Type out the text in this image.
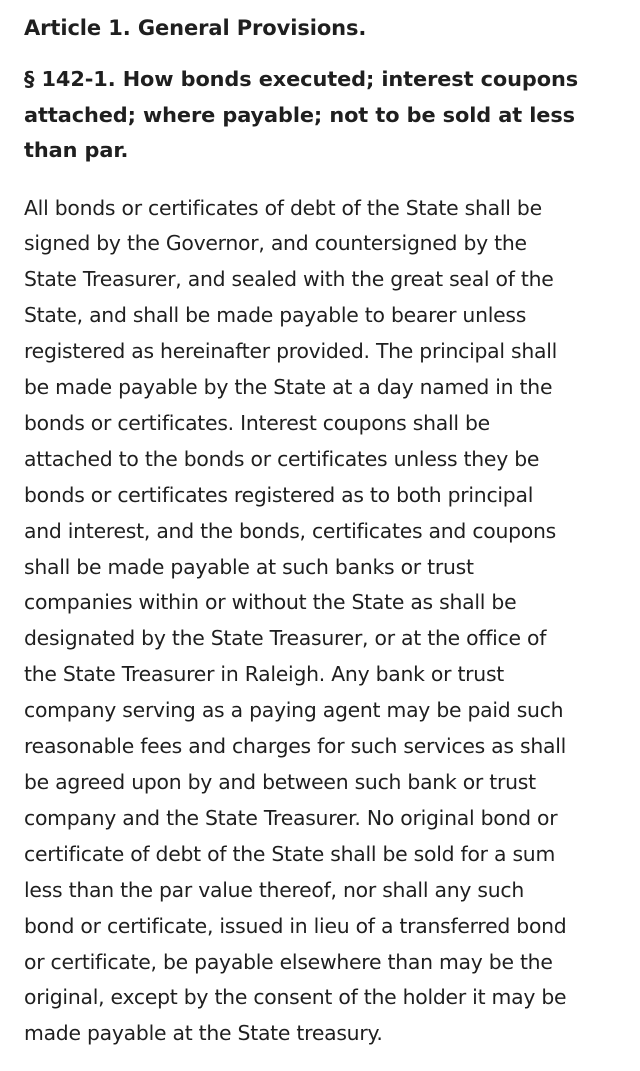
Article 1. General Provisions.
§ 142-1. How bonds executed; interest coupons
attached; where payable; not to be sold at less
than par.

All bonds or certificates of debt of the State shall be
signed by the Governor, and countersigned by the
State Treasurer, and sealed with the great seal of the
State, and shall be made payable to bearer unless
registered as hereinafter provided. The principal shall
be made payable by the State at a day named in the
bonds or certificates. Interest coupons shall be
attached to the bonds or certificates unless they be
bonds or certificates registered as to both principal
and interest, and the bonds, certificates and coupons
shall be made payable at such banks or trust
companies within or without the State as shall be
designated by the State Treasurer, or at the office of
the State Treasurer in Raleigh. Any bank or trust
company serving as a paying agent may be paid such
reasonable fees and charges for such services as shall
be agreed upon by and between such bank or trust
company and the State Treasurer. No original bond or
certificate of debt of the State shall be sold for a sum
less than the par value thereof, nor shall any such
bond or certificate, issued in lieu of a transferred bond
or certificate, be payable elsewhere than may be the
original, except by the consent of the holder it may be
made payable at the State treasury.
